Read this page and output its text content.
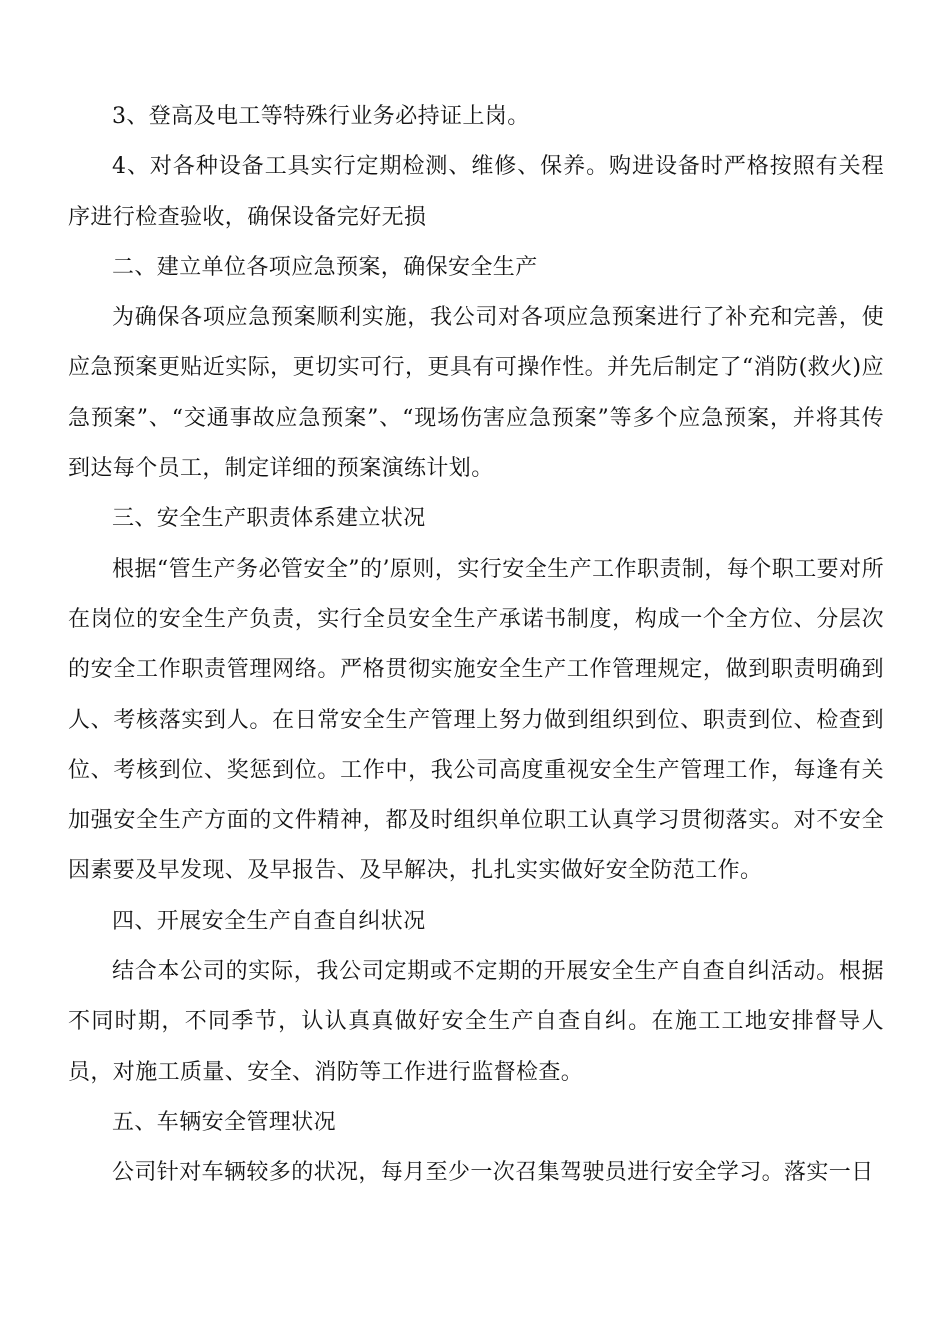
3、登高及电工等特殊行业务必持证上岗。

4、对各种设备工具实行定期检测、维修、保养。购进设备时严格按照有关程序进行检查验收，确保设备完好无损

二、建立单位各项应急预案，确保安全生产

为确保各项应急预案顺利实施，我公司对各项应急预案进行了补充和完善，使应急预案更贴近实际，更切实可行，更具有可操作性。并先后制定了“消防(救火)应急预案”、“交通事故应急预案”、“现场伤害应急预案”等多个应急预案，并将其传到达每个员工，制定详细的预案演练计划。

三、安全生产职责体系建立状况

根据“管生产务必管安全”的’原则，实行安全生产工作职责制，每个职工要对所在岗位的安全生产负责，实行全员安全生产承诺书制度，构成一个全方位、分层次的安全工作职责管理网络。严格贯彻实施安全生产工作管理规定，做到职责明确到人、考核落实到人。在日常安全生产管理上努力做到组织到位、职责到位、检查到位、考核到位、奖惩到位。工作中，我公司高度重视安全生产管理工作，每逢有关加强安全生产方面的文件精神，都及时组织单位职工认真学习贯彻落实。对不安全因素要及早发现、及早报告、及早解决，扎扎实实做好安全防范工作。

四、开展安全生产自查自纠状况

结合本公司的实际，我公司定期或不定期的开展安全生产自查自纠活动。根据不同时期，不同季节，认认真真做好安全生产自查自纠。在施工工地安排督导人员，对施工质量、安全、消防等工作进行监督检查。

五、车辆安全管理状况

公司针对车辆较多的状况，每月至少一次召集驾驶员进行安全学习。落实一日
